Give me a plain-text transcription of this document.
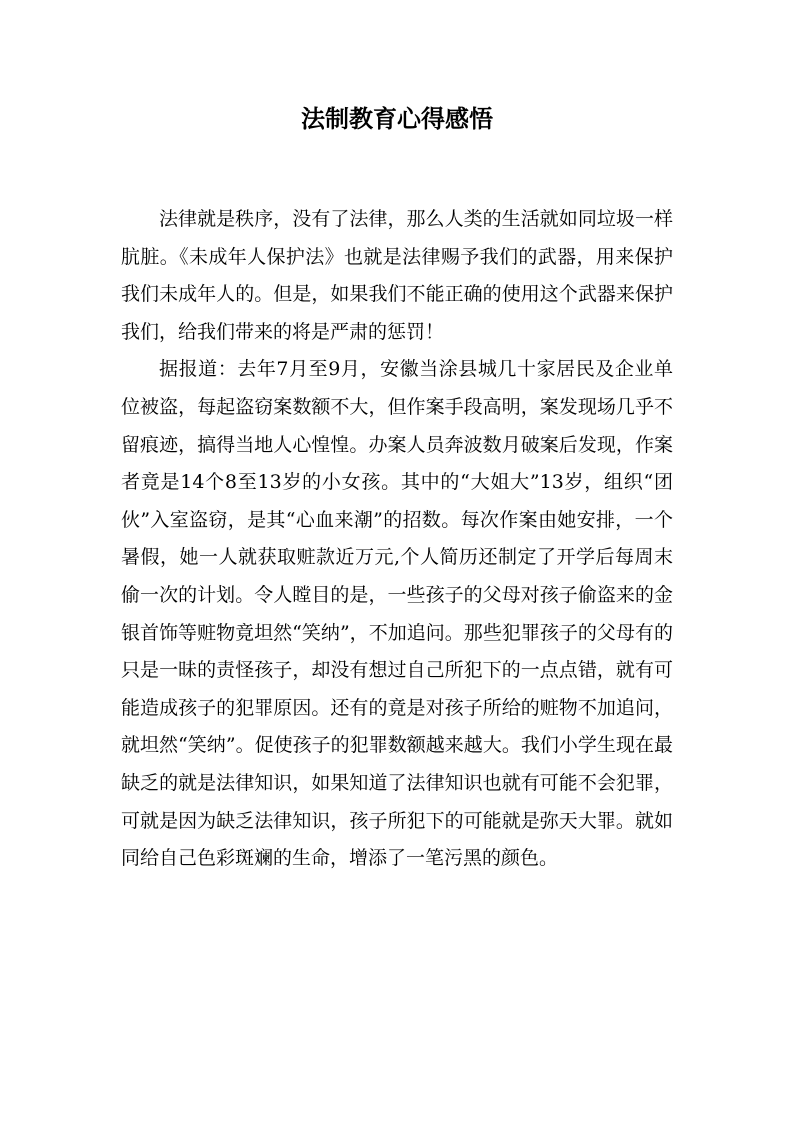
法制教育心得感悟

法律就是秩序，没有了法律，那么人类的生活就如同垃圾一样肮脏。《未成年人保护法》也就是法律赐予我们的武器，用来保护我们未成年人的。但是，如果我们不能正确的使用这个武器来保护我们，给我们带来的将是严肃的惩罚！

据报道：去年7月至9月，安徽当涂县城几十家居民及企业单位被盗，每起盗窃案数额不大，但作案手段高明，案发现场几乎不留痕迹，搞得当地人心惶惶。办案人员奔波数月破案后发现，作案者竟是14个8至13岁的小女孩。其中的“大姐大”13岁，组织“团伙”入室盗窃，是其“心血来潮”的招数。每次作案由她安排，一个暑假，她一人就获取赃款近万元,个人简历还制定了开学后每周末偷一次的计划。令人瞠目的是，一些孩子的父母对孩子偷盗来的金银首饰等赃物竟坦然“笑纳”，不加追问。那些犯罪孩子的父母有的只是一昧的责怪孩子，却没有想过自己所犯下的一点点错，就有可能造成孩子的犯罪原因。还有的竟是对孩子所给的赃物不加追问，就坦然“笑纳”。促使孩子的犯罪数额越来越大。我们小学生现在最缺乏的就是法律知识，如果知道了法律知识也就有可能不会犯罪，可就是因为缺乏法律知识，孩子所犯下的可能就是弥天大罪。就如同给自己色彩斑斓的生命，增添了一笔污黑的颜色。
